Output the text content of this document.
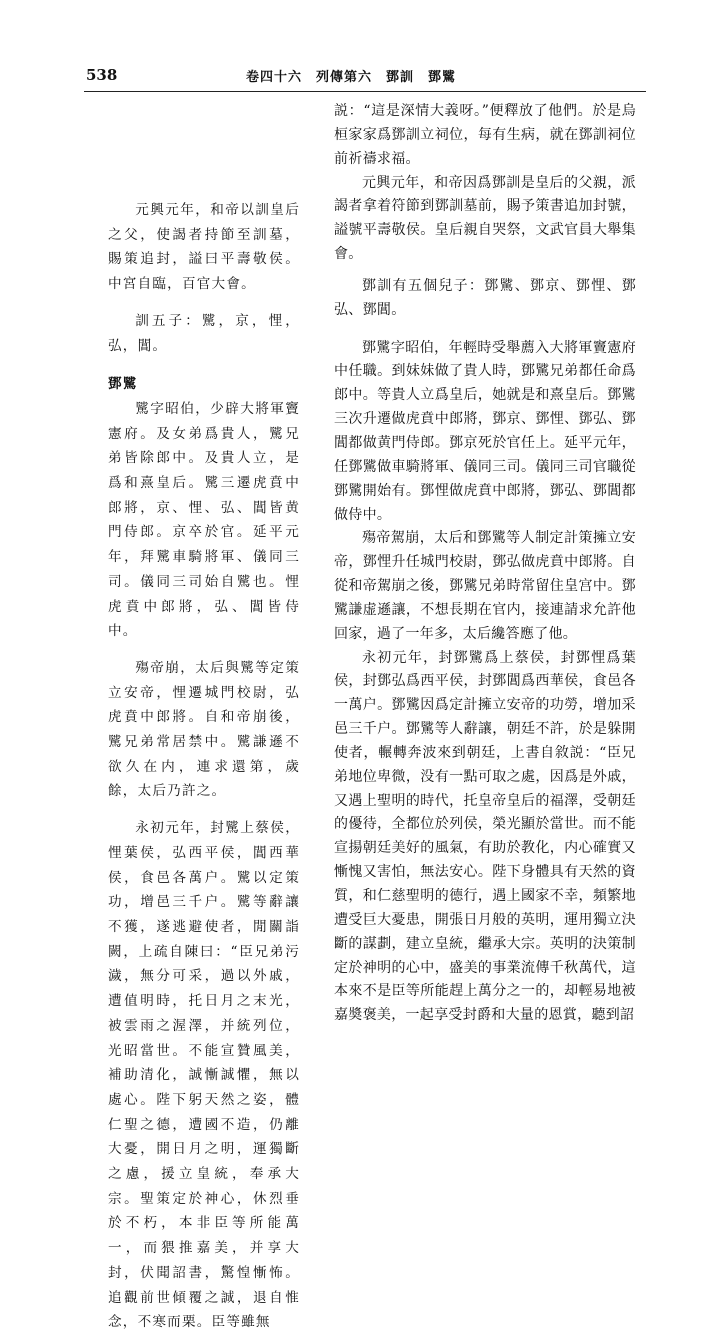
538	卷四十六　列傳第六　鄧訓　鄧騭

元興元年，和帝以訓皇后之父，使謁者持節至訓墓，賜策追封，謚曰平壽敬侯。中宮自臨，百官大會。

訓五子：騭，京，悝，弘，閶。

鄧騭

騭字昭伯，少辟大將軍竇憲府。及女弟爲貴人，騭兄弟皆除郎中。及貴人立，是爲和熹皇后。騭三遷虎賁中郎將，京、悝、弘、閶皆黄門侍郎。京卒於官。延平元年，拜騭車騎將軍、儀同三司。儀同三司始自騭也。悝虎賁中郎將，弘、閶皆侍中。

殤帝崩，太后與騭等定策立安帝，悝遷城門校尉，弘虎賁中郎將。自和帝崩後，騭兄弟常居禁中。騭謙遜不欲久在内，連求還第，歲餘，太后乃許之。

永初元年，封騭上蔡侯，悝葉侯，弘西平侯，閶西華侯，食邑各萬户。騭以定策功，增邑三千户。騭等辭讓不獲，遂逃避使者，閒關詣闕，上疏自陳曰：“臣兄弟污濊，無分可采，過以外戚，遭值明時，托日月之末光，被雲雨之渥澤，并統列位，光昭當世。不能宣贊風美，補助清化，誠慚誠懼，無以處心。陛下躬天然之姿，體仁聖之德，遭國不造，仍離大憂，開日月之明，運獨斷之慮，援立皇統，奉承大宗。聖策定於神心，休烈垂於不朽，本非臣等所能萬一，而猥推嘉美，并享大封，伏聞詔書，驚惶慚怖。追觀前世傾覆之誠，退自惟念，不寒而栗。臣等雖無

説：“這是深情大義呀。”便釋放了他們。於是烏桓家家爲鄧訓立祠位，每有生病，就在鄧訓祠位前祈禱求福。

元興元年，和帝因爲鄧訓是皇后的父親，派謁者拿着符節到鄧訓墓前，賜予策書追加封號，謚號平壽敬侯。皇后親自哭祭，文武官員大舉集會。

鄧訓有五個兒子：鄧騭、鄧京、鄧悝、鄧弘、鄧閶。

鄧騭字昭伯，年輕時受舉薦入大將軍竇憲府中任職。到妹妹做了貴人時，鄧騭兄弟都任命爲郎中。等貴人立爲皇后，她就是和熹皇后。鄧騭三次升遷做虎賁中郎將，鄧京、鄧悝、鄧弘、鄧閶都做黄門侍郎。鄧京死於官任上。延平元年，任鄧騭做車騎將軍、儀同三司。儀同三司官職從鄧騭開始有。鄧悝做虎賁中郎將，鄧弘、鄧閶都做侍中。

殤帝駕崩，太后和鄧騭等人制定計策擁立安帝，鄧悝升任城門校尉，鄧弘做虎賁中郎將。自從和帝駕崩之後，鄧騭兄弟時常留住皇宫中。鄧騭謙虚遜讓，不想長期在官内，接連請求允許他回家，過了一年多，太后纔答應了他。

永初元年，封鄧騭爲上蔡侯，封鄧悝爲葉侯，封鄧弘爲西平侯，封鄧閶爲西華侯，食邑各一萬户。鄧騭因爲定計擁立安帝的功勞，增加采邑三千户。鄧騭等人辭讓，朝廷不許，於是躲開使者，輾轉奔波來到朝廷，上書自敘説：“臣兄弟地位卑微，没有一點可取之處，因爲是外戚，又遇上聖明的時代，托皇帝皇后的福澤，受朝廷的優待，全都位於列侯，榮光顯於當世。而不能宣揚朝廷美好的風氣，有助於教化，内心確實又慚愧又害怕，無法安心。陛下身體具有天然的資質，和仁慈聖明的德行，遇上國家不幸，頻繁地遭受巨大憂患，開張日月般的英明，運用獨立決斷的謀劃，建立皇統，繼承大宗。英明的決策制定於神明的心中，盛美的事業流傳千秋萬代，這本來不是臣等所能趕上萬分之一的，却輕易地被嘉奬褒美，一起享受封爵和大量的恩賞，聽到詔
